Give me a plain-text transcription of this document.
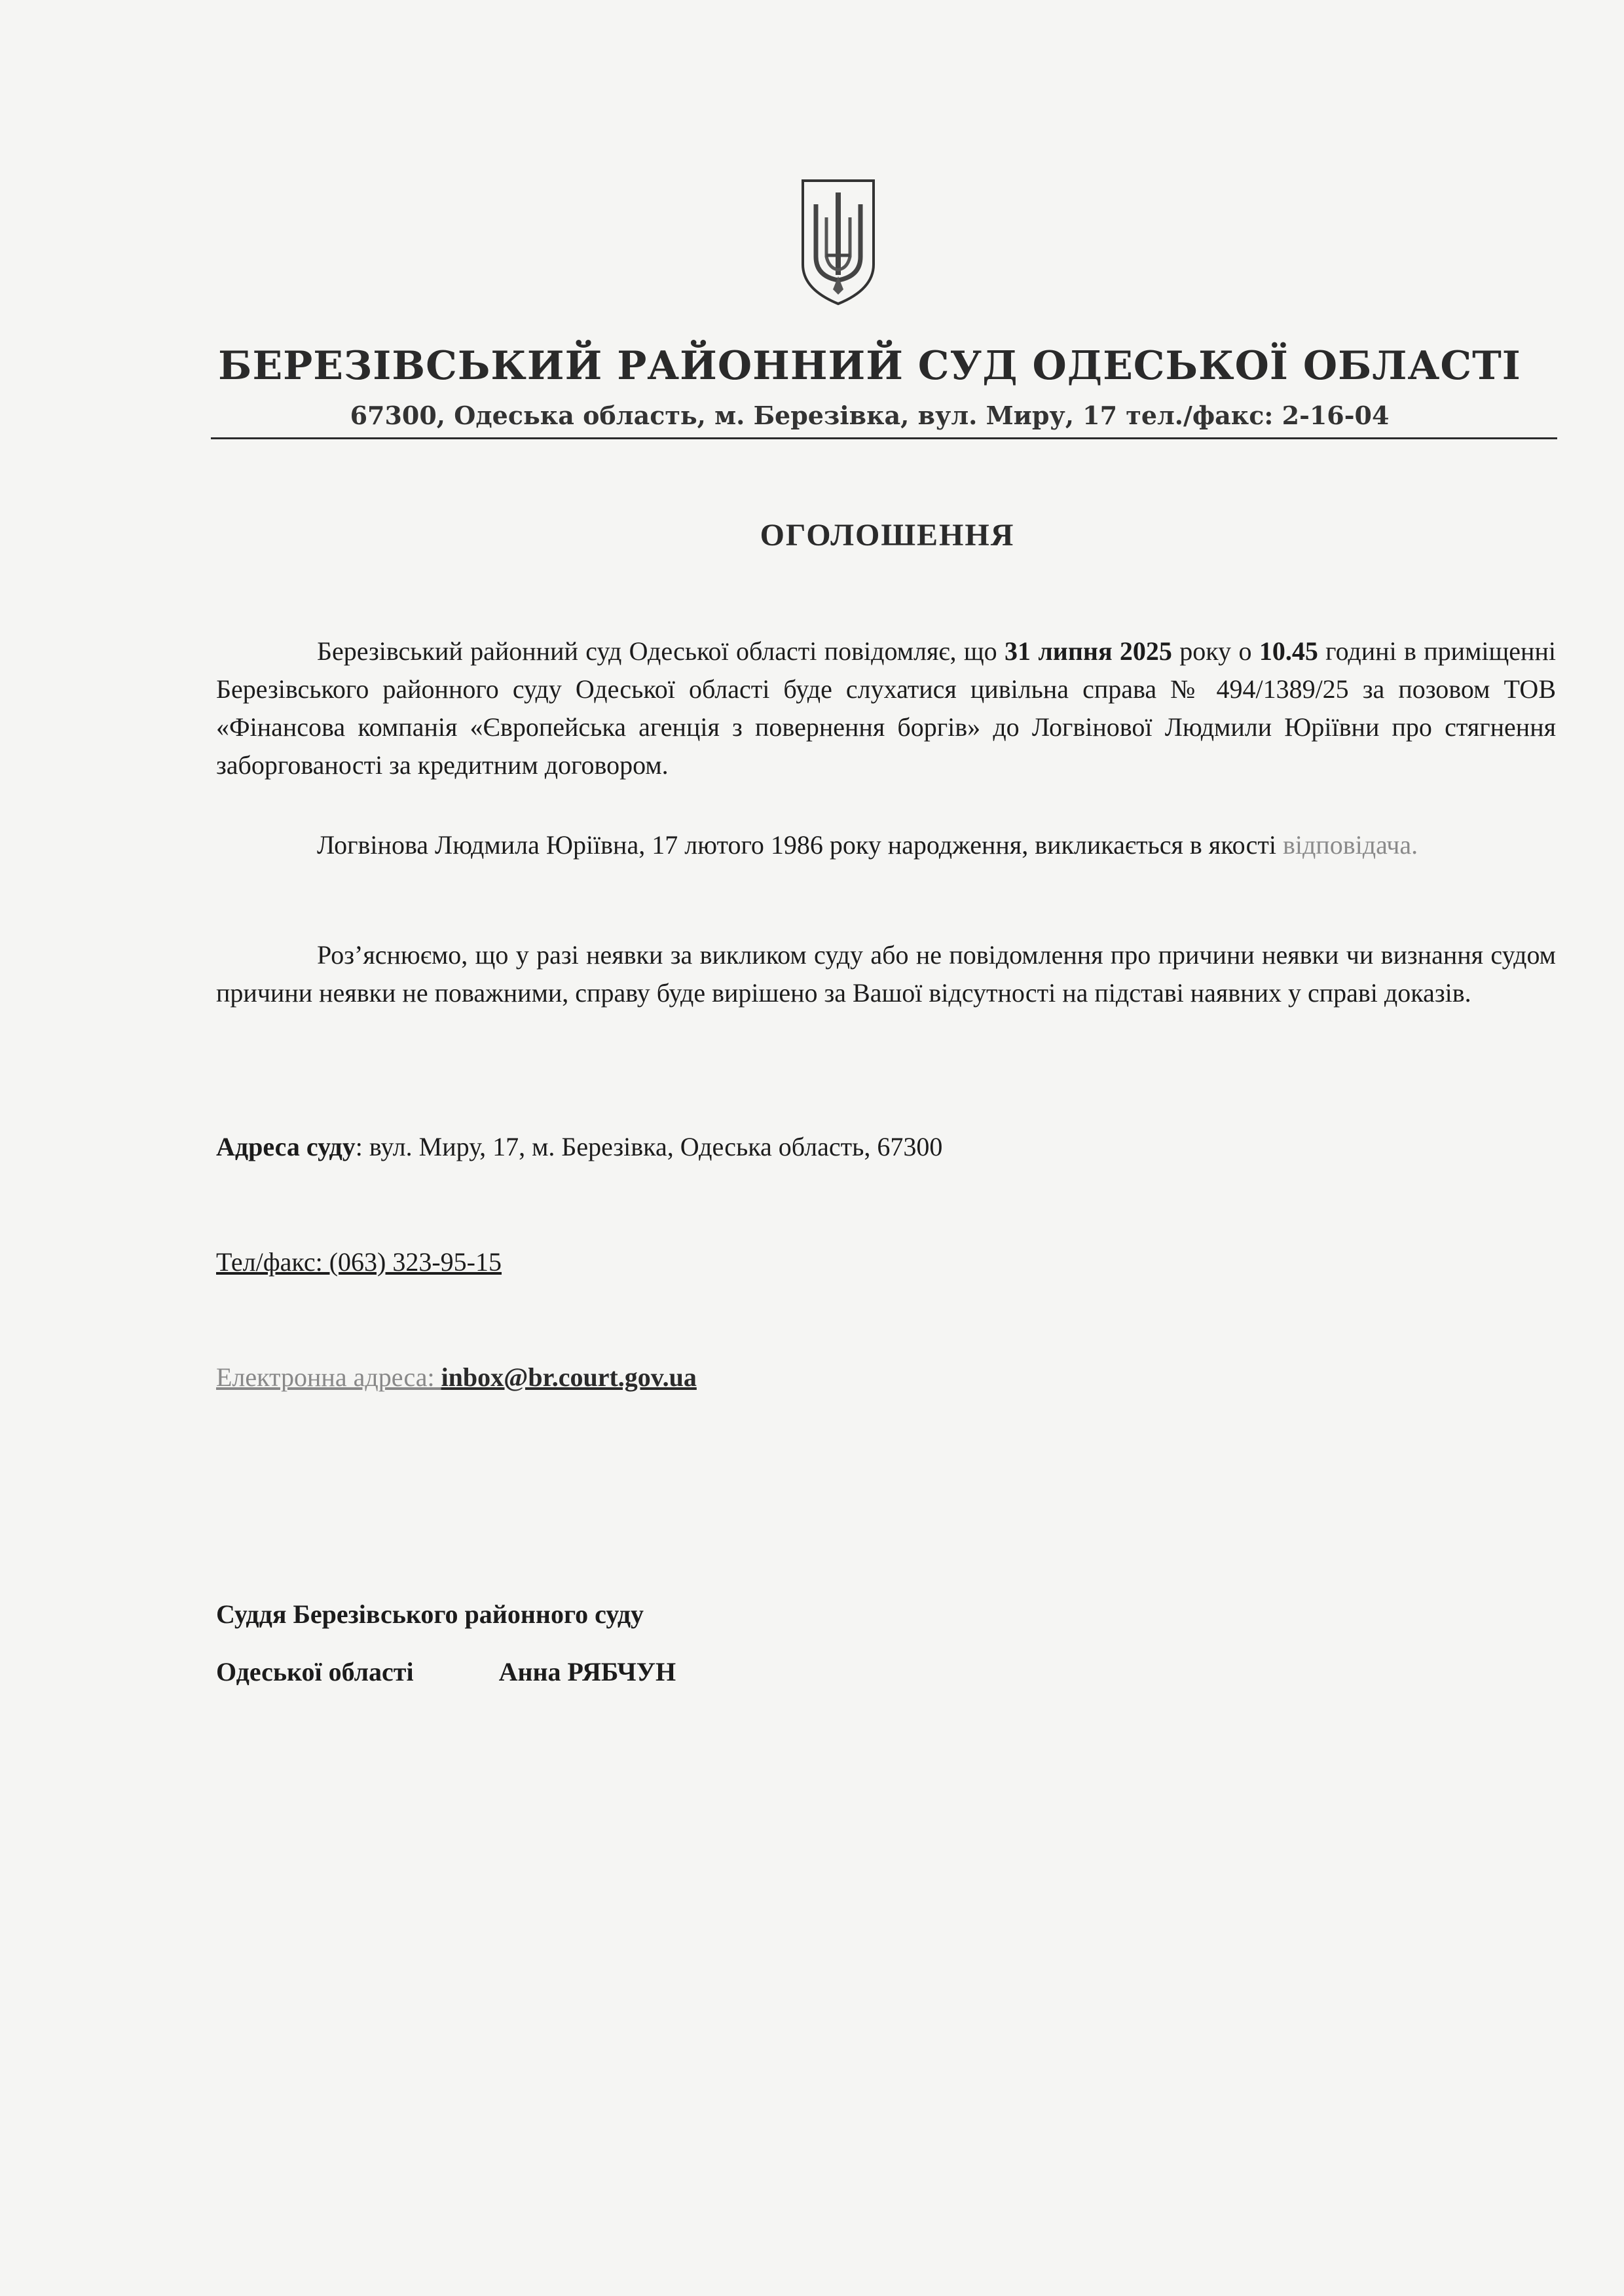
БЕРЕЗІВСЬКИЙ РАЙОННИЙ СУД ОДЕСЬКОЇ ОБЛАСТІ
67300, Одеська область, м. Березівка, вул. Миру, 17 тел./факс: 2-16-04
ОГОЛОШЕННЯ
Березівський районний суд Одеської області повідомляє, що 31 липня 2025 року о 10.45 годині в приміщенні Березівського районного суду Одеської області буде слухатися цивільна справа № 494/1389/25 за позовом ТОВ «Фінансова компанія «Європейська агенція з повернення боргів» до Логвінової Людмили Юріївни про стягнення заборгованості за кредитним договором.
Логвінова Людмила Юріївна, 17 лютого 1986 року народження, викликається в якості відповідача.
Роз’яснюємо, що у разі неявки за викликом суду або не повідомлення про причини неявки чи визнання судом причини неявки не поважними, справу буде вирішено за Вашої відсутності на підставі наявних у справі доказів.
Адреса суду: вул. Миру, 17, м. Березівка, Одеська область, 67300
Тел/факс: (063) 323-95-15
Електронна адреса: inbox@br.court.gov.ua
Суддя Березівського районного суду
Одеської області	Анна РЯБЧУН
